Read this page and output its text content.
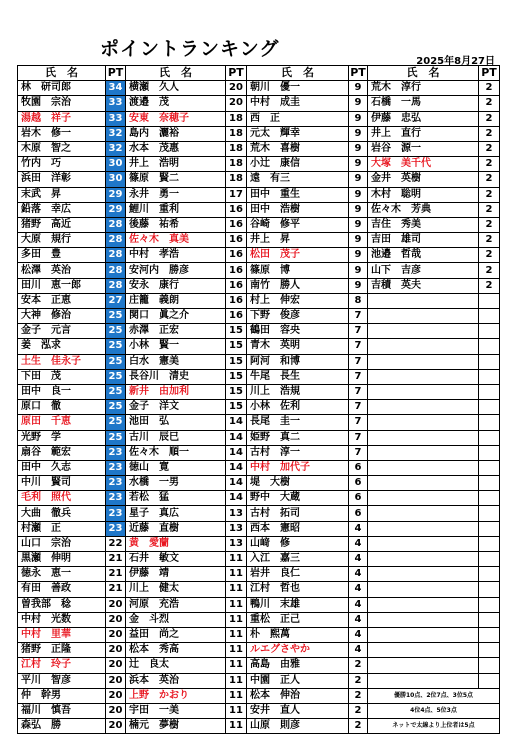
ポイントランキング
2025年8月27日
氏　名	PT	氏　名	PT	氏　名	PT	氏　名	PT
林　研司郎	34	横瀬　久人	20	朝川　優一	9	荒木　淳行	2
牧園　宗治	33	渡邉　茂	20	中村　成圭	9	石橋　一馬	2
湯越　祥子	33	安東　奈穂子	18	西　正	9	伊藤　忠弘	2
岩木　修一	32	島内　灑裕	18	元太　輝幸	9	井上　直行	2
木原　智之	32	水本　茂惠	18	荒木　喜樹	9	岩谷　源一	2
竹内　巧	30	井上　浩明	18	小辻　康信	9	大塚　美千代	2
浜田　洋彰	30	篠原　賢二	18	遠　有三	9	金井　英樹	2
末武　昇	29	永井　勇一	17	田中　重生	9	木村　聡明	2
鉛落　幸広	29	鯉川　重利	16	田中　浩樹	9	佐々木　芳典	2
猪野　高近	28	後藤　祐希	16	谷崎　修平	9	吉住　秀美	2
大原　規行	28	佐々木　真美	16	井上　昇	9	吉田　雄司	2
多田　豊	28	中村　孝浩	16	松田　茂子	9	池邉　哲哉	2
松澤　英治	28	安河内　勝彦	16	篠原　博	9	山下　吉彦	2
田川　恵一郎	28	安永　康行	16	南竹　勝人	9	吉積　英夫	2
安本　正恵	27	庄籠　義朗	16	村上　伸宏	8		
大神　修治	25	関口　眞之介	16	下野　俊彦	7		
金子　元言	25	赤澤　正宏	15	鶴田　容央	7		
姜　泓求	25	小林　賢一	15	青木　英明	7		
土生　佳永子	25	白水　憲美	15	阿河　和博	7		
下田　茂	25	長谷川　清史	15	牛尾　長生	7		
田中　良一	25	新井　由加利	15	川上　浩規	7		
原口　徹	25	金子　洋文	15	小林　佐利	7		
原田　千恵	25	池田　弘	14	長尾　圭一	7		
光野　学	25	古川　辰巳	14	姫野　真二	7		
扇谷　範宏	23	佐々木　順一	14	古村　淳一	7		
田中　久志	23	徳山　寛	14	中村　加代子	6		
中川　賢司	23	水橋　一男	14	堤　大樹	6		
毛利　照代	23	若松　猛	14	野中　大蔵	6		
大曲　徹兵	23	星子　真広	13	古村　拓司	6		
村瀬　正	23	近藤　直樹	13	西本　憲昭	4		
山口　宗治	22	黄　愛蘭	13	山﨑　修	4		
黒瀬　伸明	21	石井　敏文	11	入江　嘉三	4		
徳永　恵一	21	伊藤　靖	11	岩井　良仁	4		
有田　善政	21	川上　健太	11	江村　哲也	4		
曽我部　稔	20	河原　充浩	11	鴨川　末雄	4		
中村　光数	20	金　斗烈	11	重松　正己	4		
中村　里華	20	益田　尚之	11	朴　熙萬	4		
猪野　正隆	20	松本　秀高	11	ルエグさやか	4		
江村　玲子	20	辻　良太	11	高島　由雅	2		
平川　智彦	20	浜本　英治	11	中園　正人	2		
仲　幹男	20	上野　かおり	11	松本　伸治	2	優勝10点、2位7点、3位5点	
福川　慎吾	20	宇田　一美	11	安井　直人	2	4位4点、5位3点	
森弘　勝	20	楠元　夢樹	11	山原　則彦	2	ネットで太線より上位者は5点	
